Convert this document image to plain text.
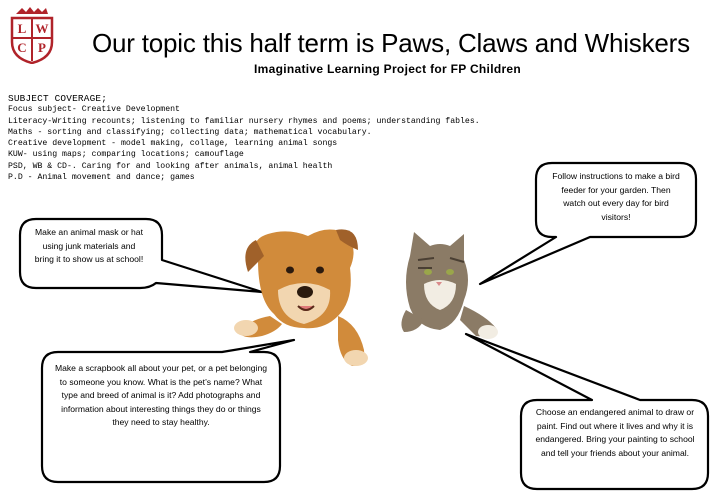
L W
C P Our topic this half term is Paws, Claws and Whiskers
Imaginative Learning Project for FP Children
SUBJECT COVERAGE;
Focus subject- Creative Development
Literacy-Writing recounts; listening to familiar nursery rhymes and poems; understanding fables.
Maths - sorting and classifying; collecting data; mathematical vocabulary.
Creative development - model making, collage, learning animal songs
KUW- using maps; comparing locations; camouflage
PSD, WB & CD-. Caring for and looking after animals, animal health
P.D - Animal movement and dance; games
Make an animal mask or hat using junk materials and bring it to show us at school!
Follow instructions to make a bird feeder for your garden. Then watch out every day for bird visitors!
Make a scrapbook all about your pet, or a pet belonging to someone you know. What is the pet’s name? What type and breed of animal is it? Add photographs and information about interesting things they do or things they need to stay healthy.
Choose an endangered animal to draw or paint. Find out where it lives and why it is endangered. Bring your painting to school and tell your friends about your animal.
